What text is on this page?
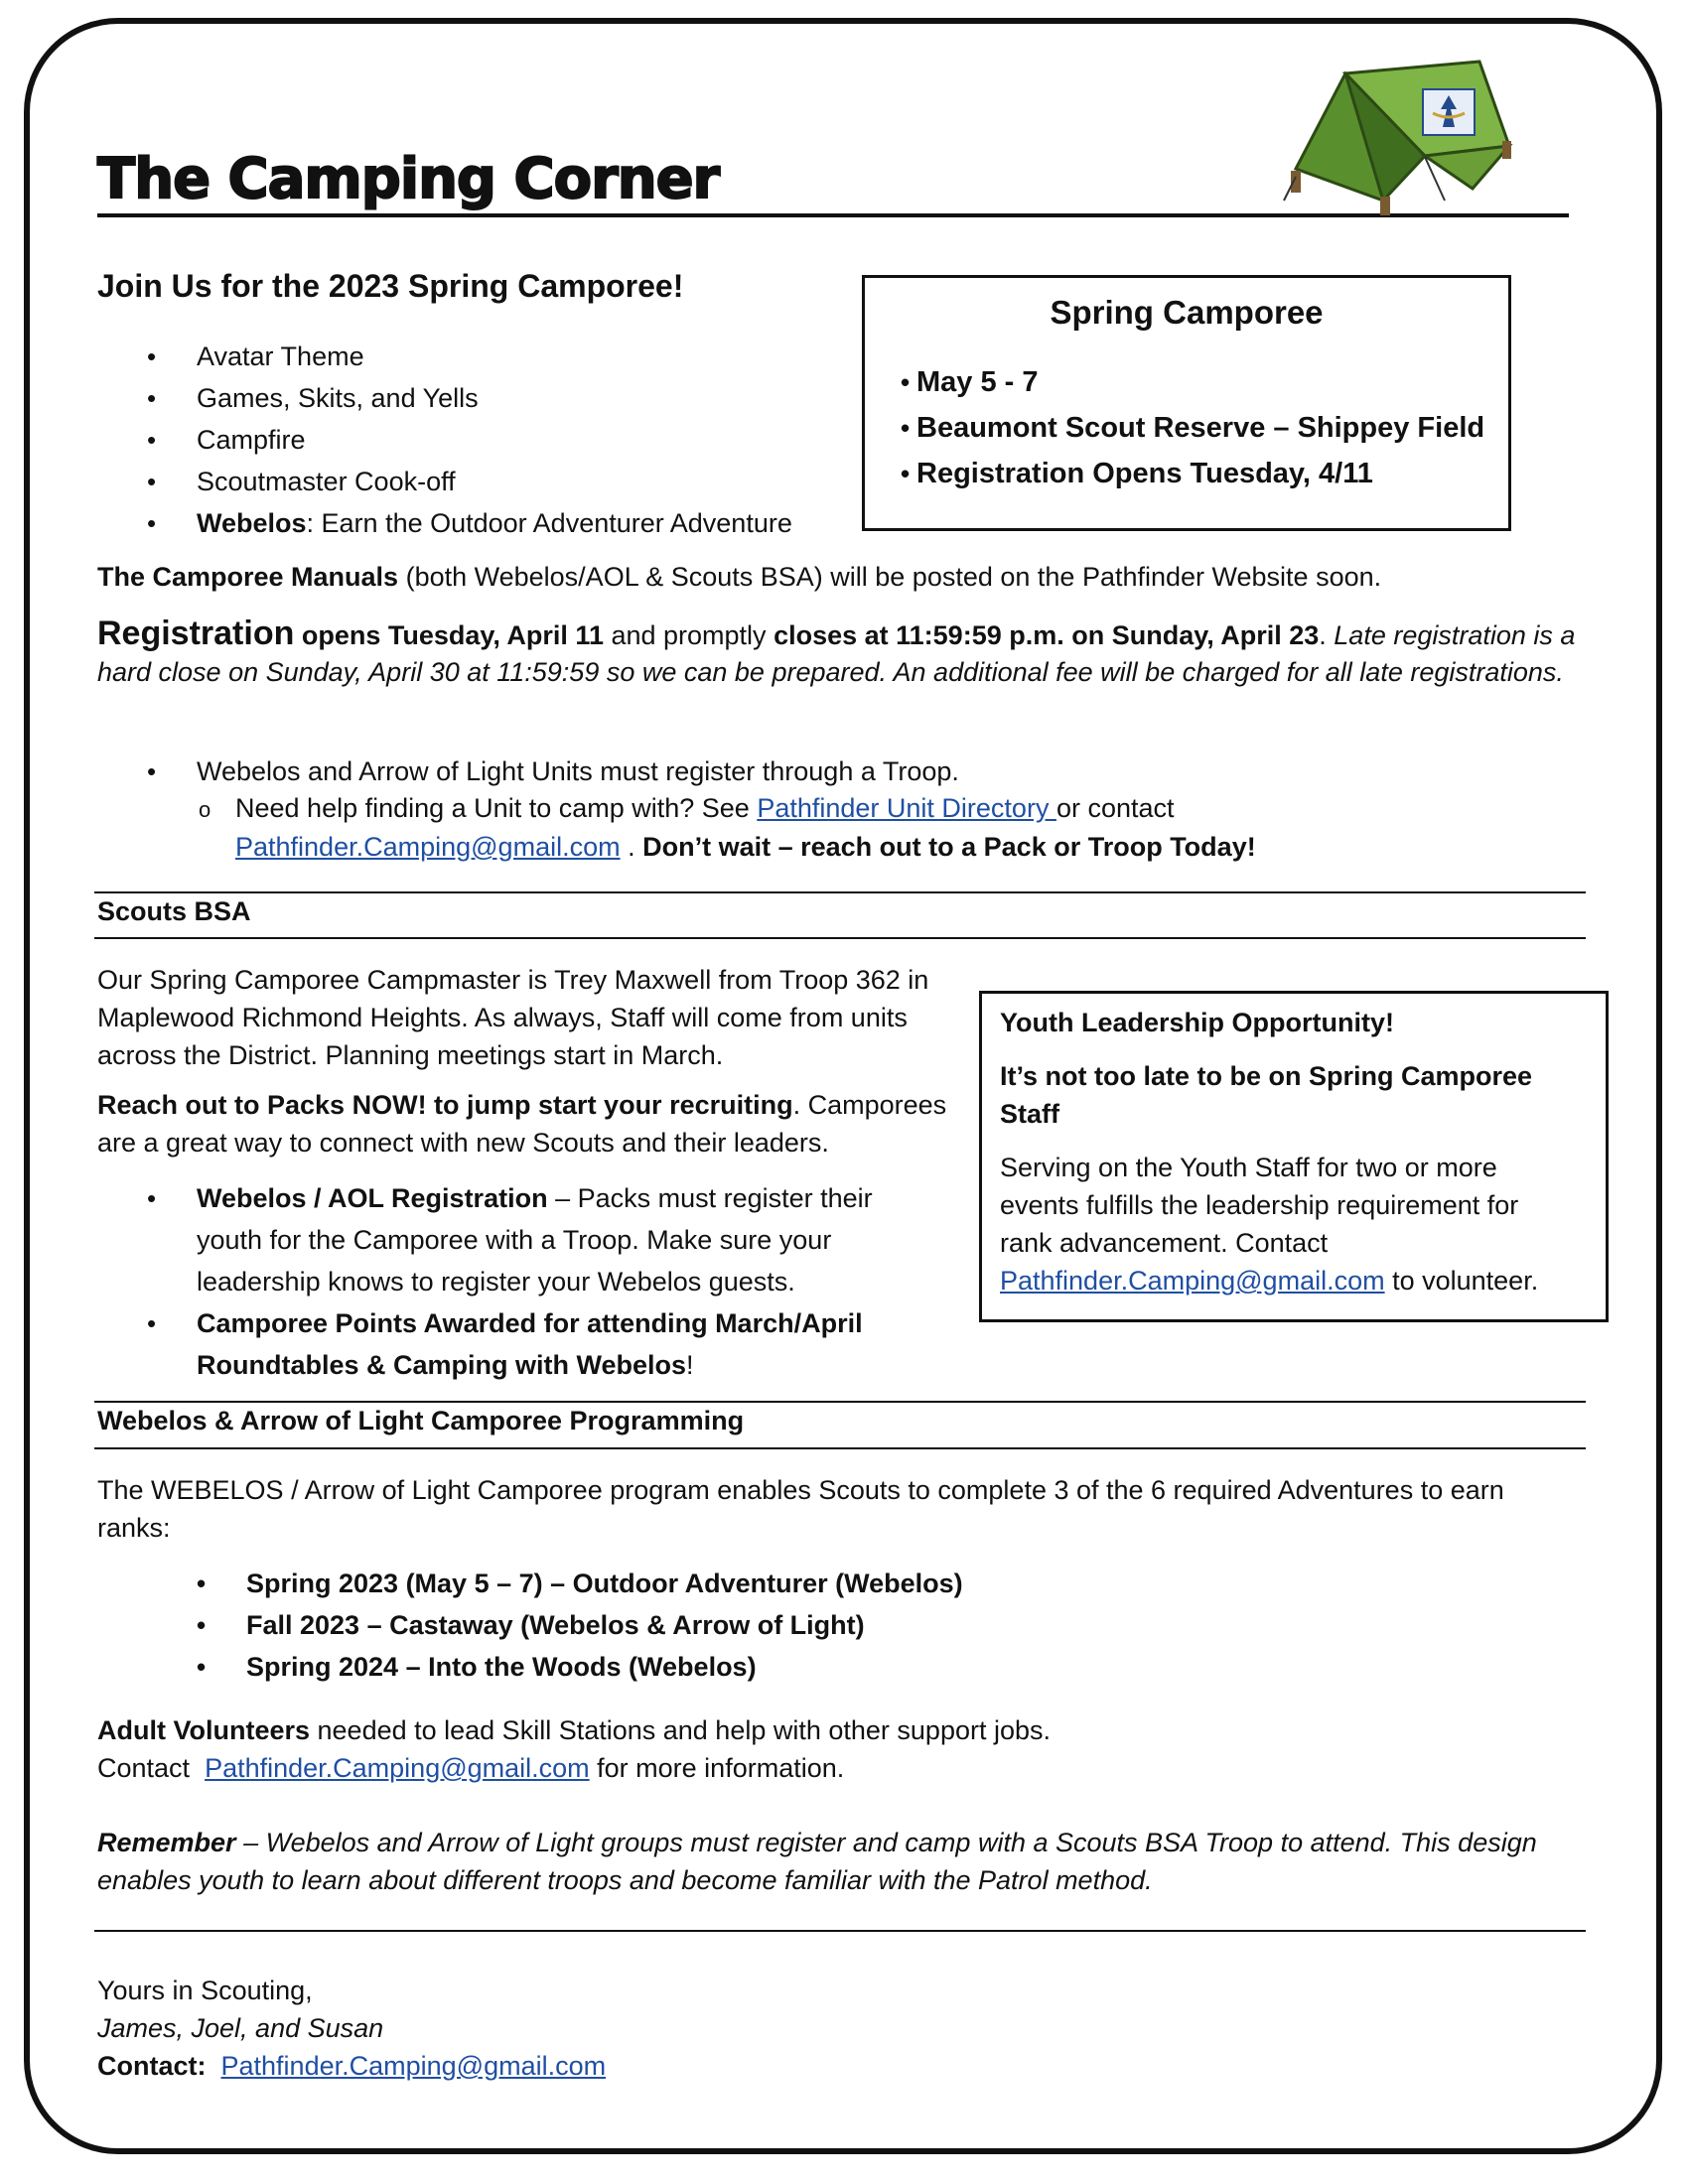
The Camping Corner
Join Us for the 2023 Spring Camporee!
• Avatar Theme
• Games, Skits, and Yells
• Campfire
• Scoutmaster Cook-off
• Webelos: Earn the Outdoor Adventurer Adventure
Spring Camporee
• May 5 - 7
• Beaumont Scout Reserve – Shippey Field
• Registration Opens Tuesday, 4/11
The Camporee Manuals (both Webelos/AOL & Scouts BSA) will be posted on the Pathfinder Website soon.
Registration opens Tuesday, April 11 and promptly closes at 11:59:59 p.m. on Sunday, April 23. Late registration is a hard close on Sunday, April 30 at 11:59:59 so we can be prepared. An additional fee will be charged for all late registrations.
• Webelos and Arrow of Light Units must register through a Troop.
o Need help finding a Unit to camp with? See Pathfinder Unit Directory or contact
Pathfinder.Camping@gmail.com . Don’t wait – reach out to a Pack or Troop Today!
Scouts BSA
Our Spring Camporee Campmaster is Trey Maxwell from Troop 362 in
Maplewood Richmond Heights. As always, Staff will come from units
across the District. Planning meetings start in March.
Reach out to Packs NOW! to jump start your recruiting. Camporees
are a great way to connect with new Scouts and their leaders.
• Webelos / AOL Registration – Packs must register their
youth for the Camporee with a Troop. Make sure your
leadership knows to register your Webelos guests.
• Camporee Points Awarded for attending March/April
Roundtables & Camping with Webelos!
Youth Leadership Opportunity!
It’s not too late to be on Spring Camporee
Staff
Serving on the Youth Staff for two or more
events fulfills the leadership requirement for
rank advancement. Contact
Pathfinder.Camping@gmail.com to volunteer.
Webelos & Arrow of Light Camporee Programming
The WEBELOS / Arrow of Light Camporee program enables Scouts to complete 3 of the 6 required Adventures to earn
ranks:
• Spring 2023 (May 5 – 7) – Outdoor Adventurer (Webelos)
• Fall 2023 – Castaway (Webelos & Arrow of Light)
• Spring 2024 – Into the Woods (Webelos)
Adult Volunteers needed to lead Skill Stations and help with other support jobs.
Contact  Pathfinder.Camping@gmail.com for more information.
Remember – Webelos and Arrow of Light groups must register and camp with a Scouts BSA Troop to attend. This design
enables youth to learn about different troops and become familiar with the Patrol method.
Yours in Scouting,
James, Joel, and Susan
Contact: Pathfinder.Camping@gmail.com
